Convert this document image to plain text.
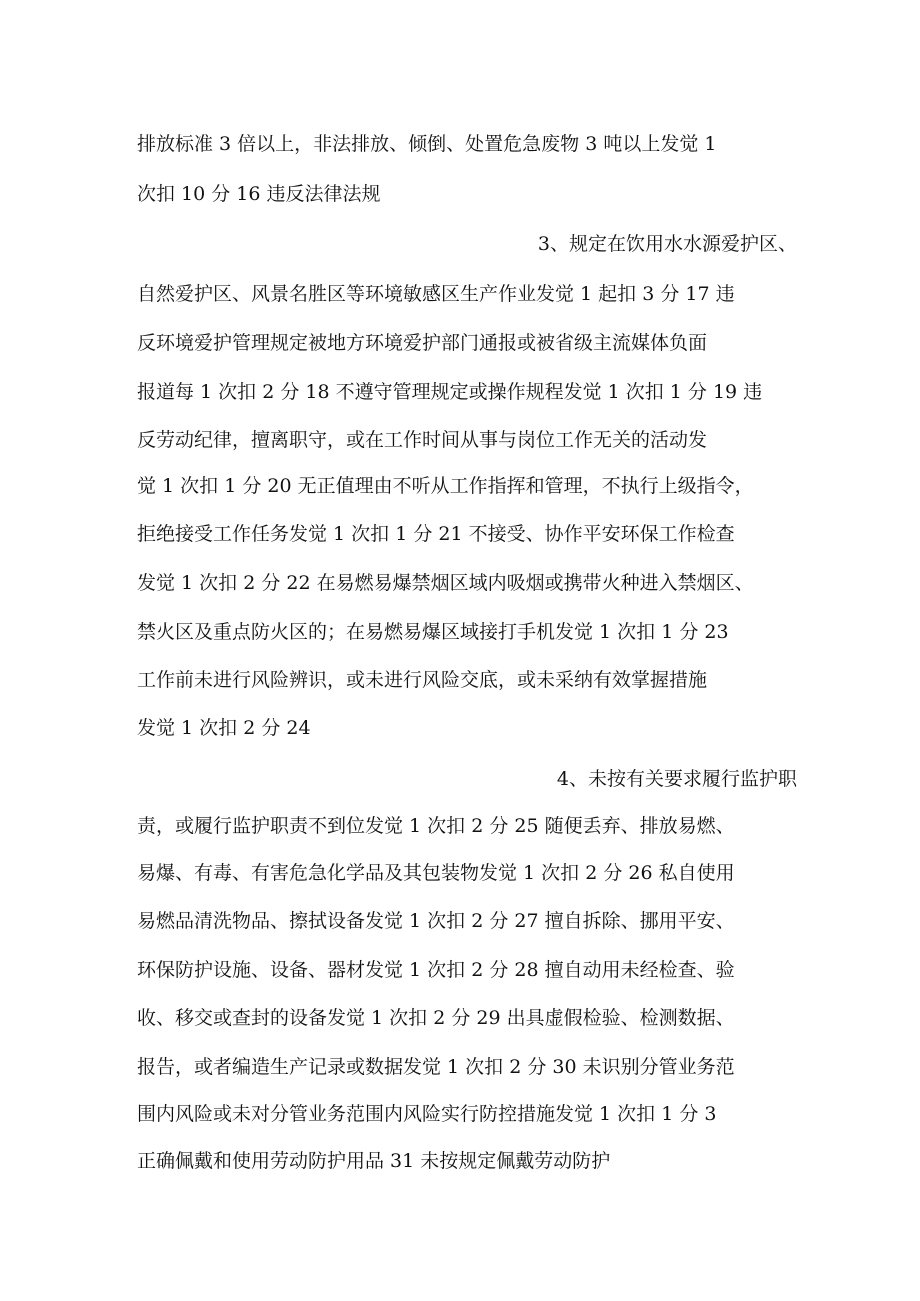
排放标准 3 倍以上，非法排放、倾倒、处置危急废物 3 吨以上发觉 1
次扣 10 分 16 违反法律法规
3、规定在饮用水水源爱护区、
自然爱护区、风景名胜区等环境敏感区生产作业发觉 1 起扣 3 分 17 违
反环境爱护管理规定被地方环境爱护部门通报或被省级主流媒体负面
报道每 1 次扣 2 分 18 不遵守管理规定或操作规程发觉 1 次扣 1 分 19 违
反劳动纪律，擅离职守，或在工作时间从事与岗位工作无关的活动发
觉 1 次扣 1 分 20 无正值理由不听从工作指挥和管理，不执行上级指令，
拒绝接受工作任务发觉 1 次扣 1 分 21 不接受、协作平安环保工作检查
发觉 1 次扣 2 分 22 在易燃易爆禁烟区域内吸烟或携带火种进入禁烟区、
禁火区及重点防火区的；在易燃易爆区域接打手机发觉 1 次扣 1 分 23
工作前未进行风险辨识，或未进行风险交底，或未采纳有效掌握措施
发觉 1 次扣 2 分 24
4、未按有关要求履行监护职
责，或履行监护职责不到位发觉 1 次扣 2 分 25 随便丢弃、排放易燃、
易爆、有毒、有害危急化学品及其包装物发觉 1 次扣 2 分 26 私自使用
易燃品清洗物品、擦拭设备发觉 1 次扣 2 分 27 擅自拆除、挪用平安、
环保防护设施、设备、器材发觉 1 次扣 2 分 28 擅自动用未经检查、验
收、移交或查封的设备发觉 1 次扣 2 分 29 出具虚假检验、检测数据、
报告，或者编造生产记录或数据发觉 1 次扣 2 分 30 未识别分管业务范
围内风险或未对分管业务范围内风险实行防控措施发觉 1 次扣 1 分 3
正确佩戴和使用劳动防护用品 31 未按规定佩戴劳动防护
